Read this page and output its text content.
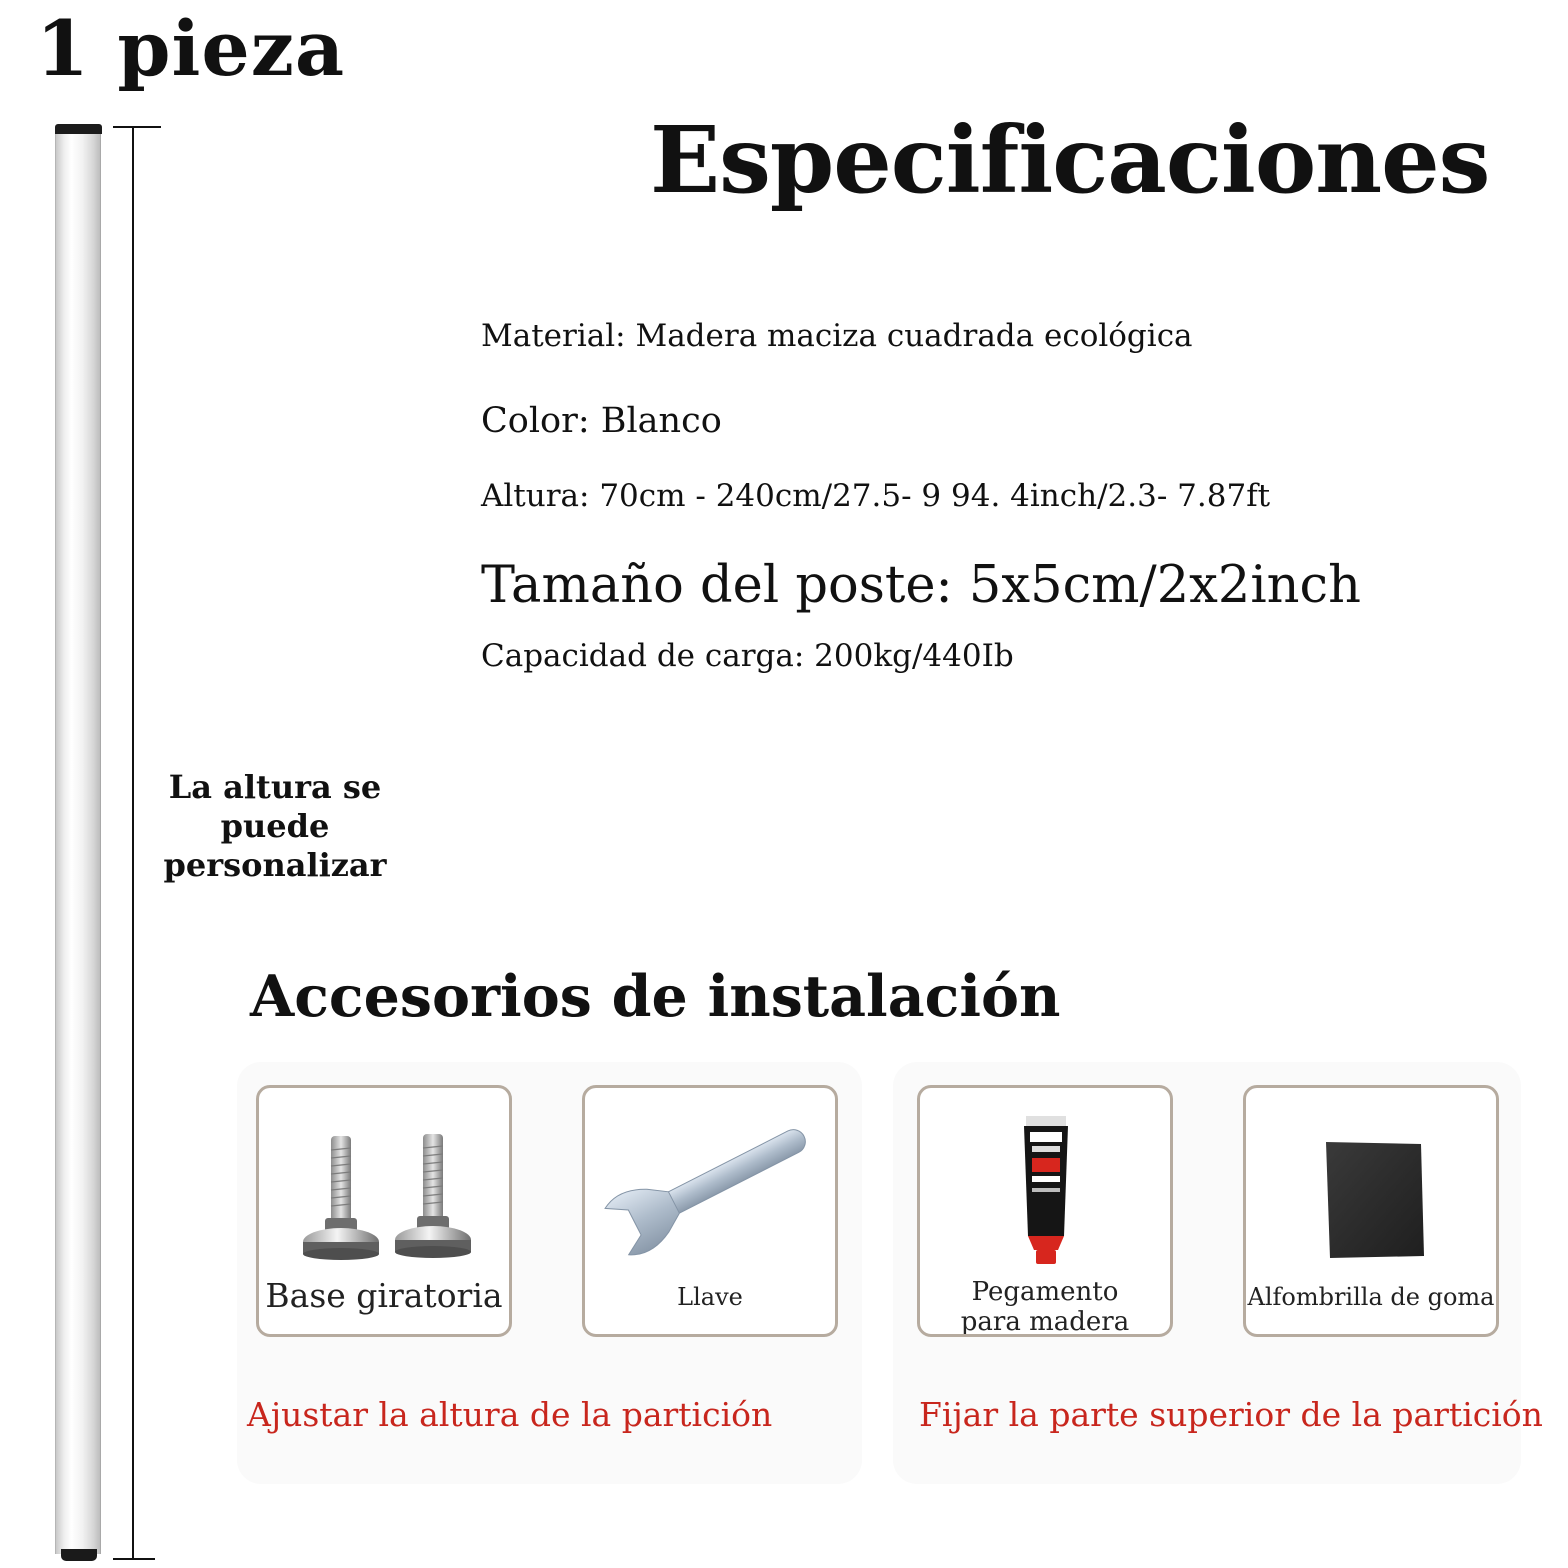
1 pieza
La altura se puede personalizar
Especificaciones
Material: Madera maciza cuadrada ecológica
Color: Blanco
Altura: 70cm - 240cm/27.5- 9 94. 4inch/2.3- 7.87ft
Tamaño del poste: 5x5cm/2x2inch
Capacidad de carga: 200kg/440Ib
Accesorios de instalación
Base giratoria	Llave	Pegamento para madera
Alfombrilla de goma
Ajustar la altura de la partición	Fijar la parte superior de la partición
